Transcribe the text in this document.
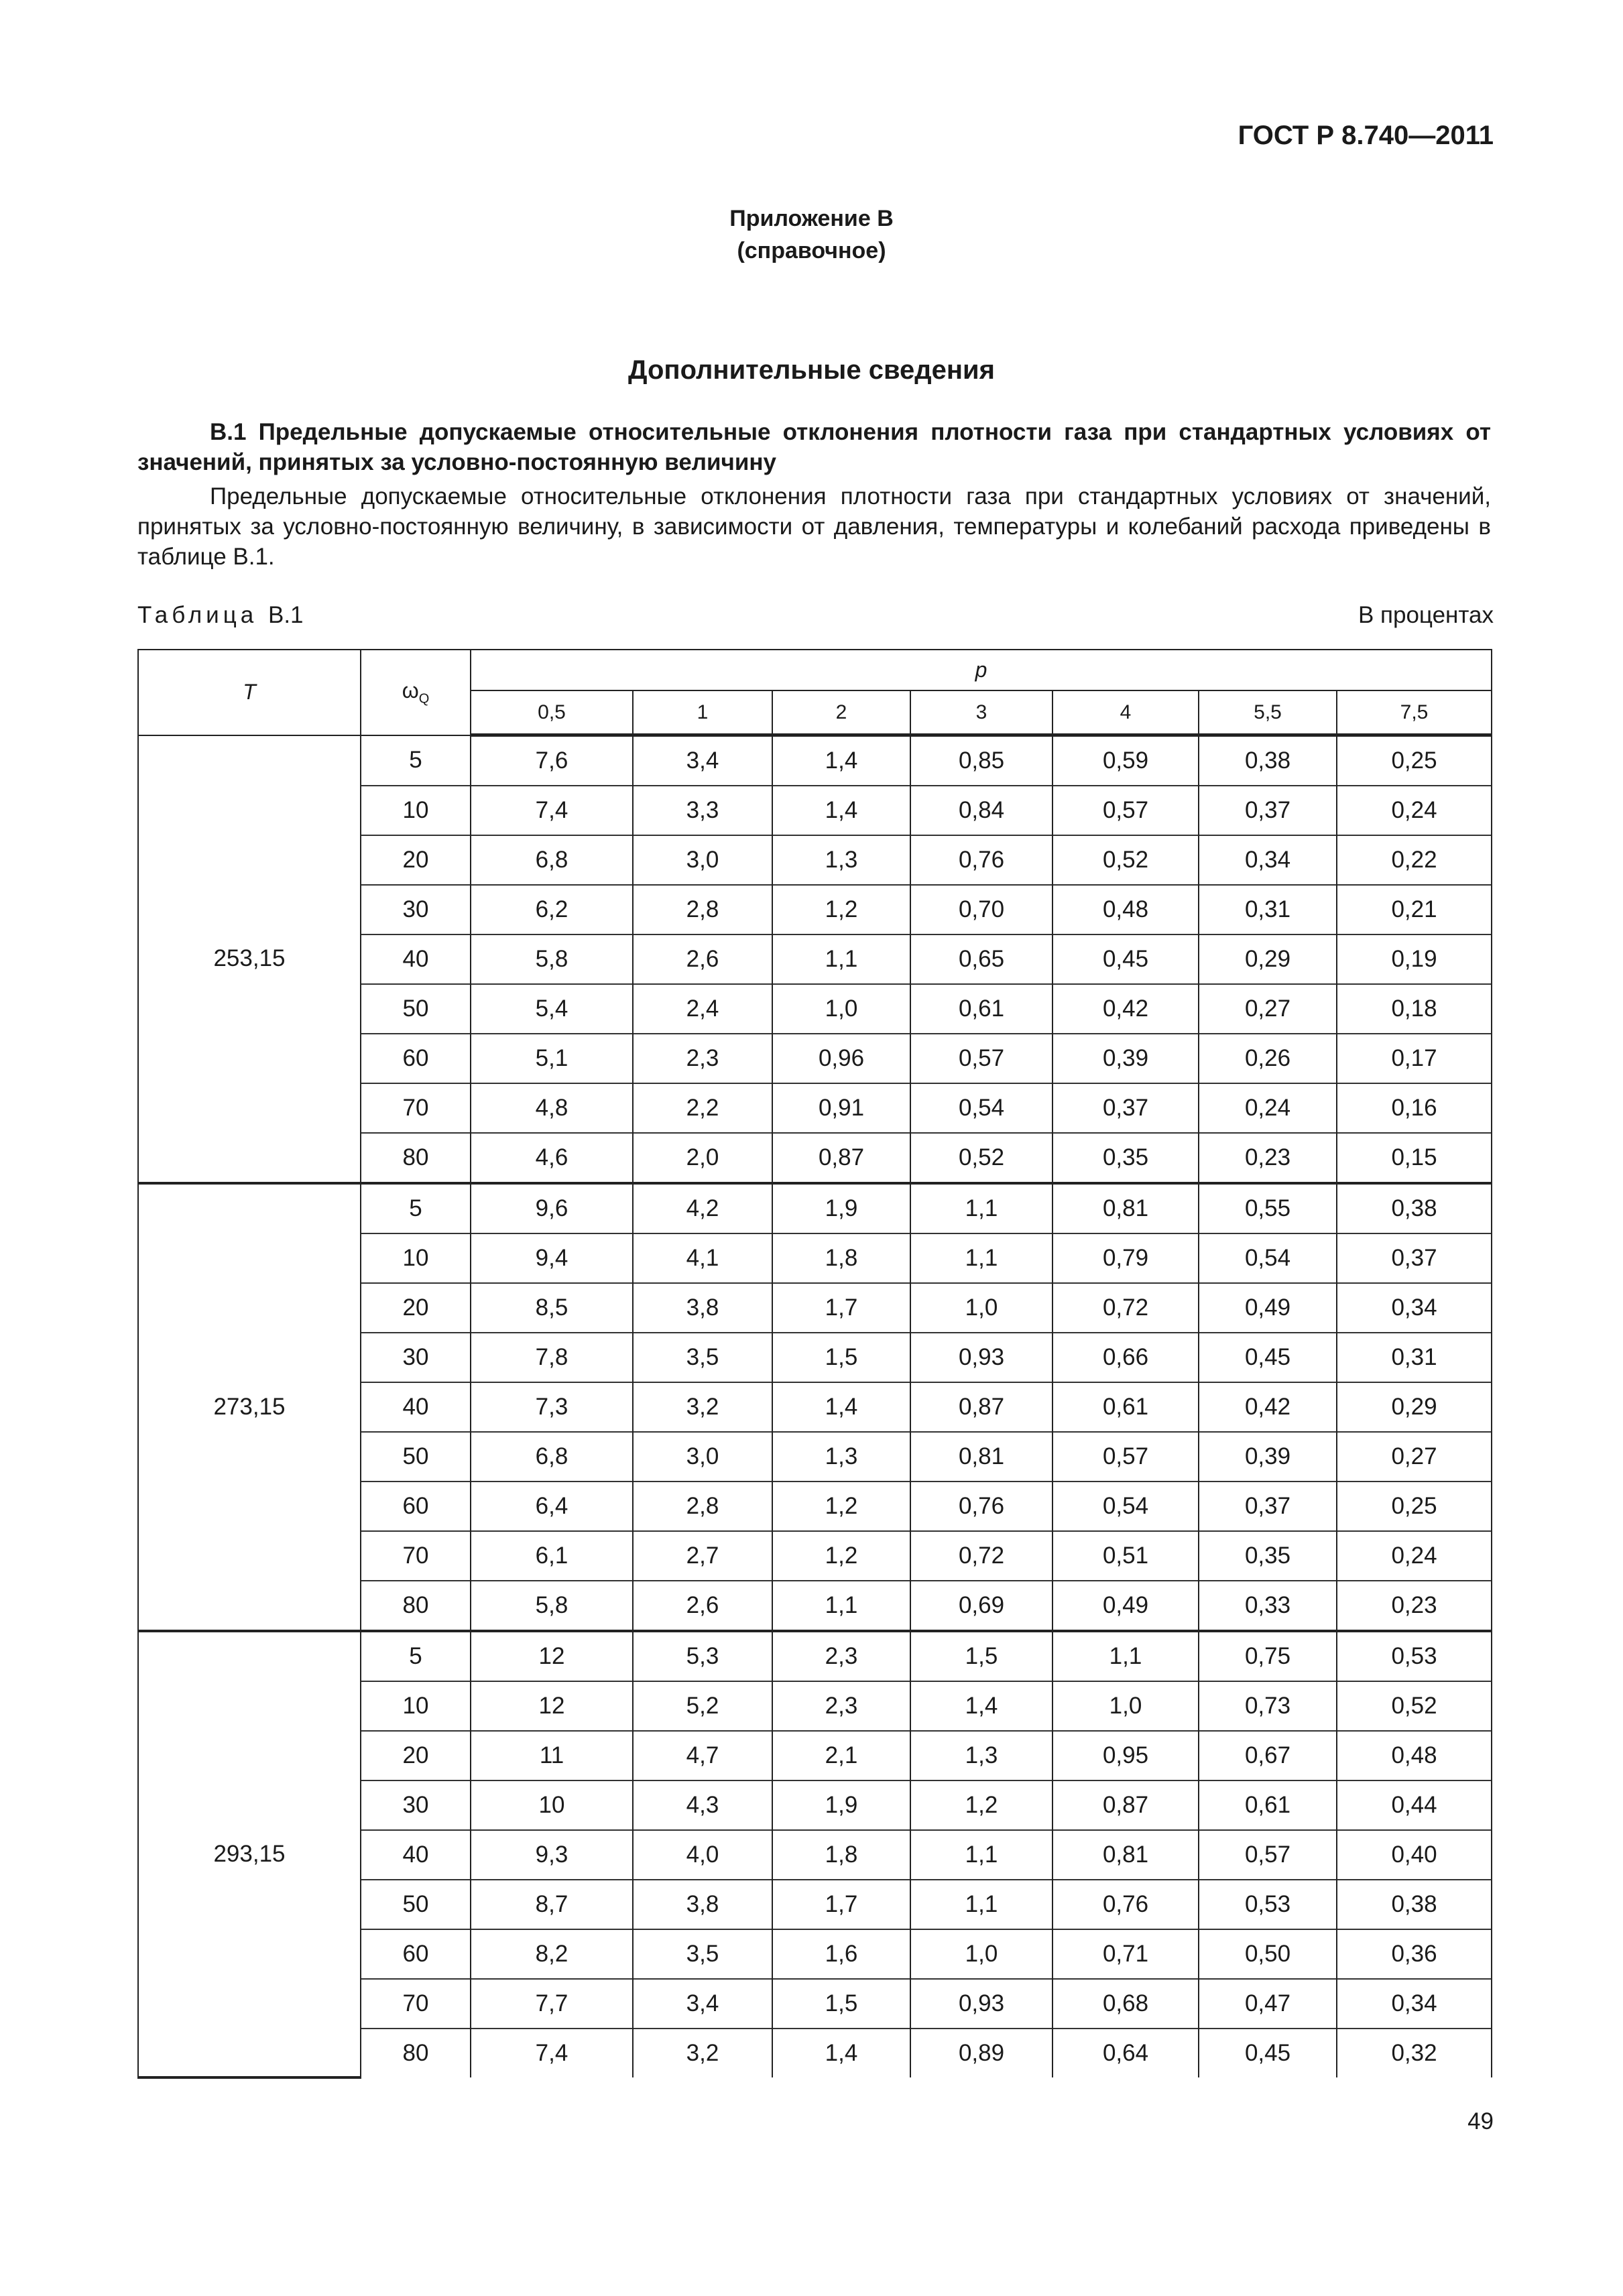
ГОСТ Р 8.740—2011
Приложение В
(справочное)
Дополнительные сведения
В.1 Предельные допускаемые относительные отклонения плотности газа при стандартных условиях от значений, принятых за условно-постоянную величину
Предельные допускаемые относительные отклонения плотности газа при стандартных условиях от значений, принятых за условно-постоянную величину, в зависимости от давления, температуры и колебаний расхода приведены в таблице В.1.
Таблица В.1	В процентах
T	$\omega_Q$	p						
		0,5	1	2	3	4	5,5	7,5
253,15	5	7,6	3,4	1,4	0,85	0,59	0,38	0,25
	10	7,4	3,3	1,4	0,84	0,57	0,37	0,24
	20	6,8	3,0	1,3	0,76	0,52	0,34	0,22
	30	6,2	2,8	1,2	0,70	0,48	0,31	0,21
	40	5,8	2,6	1,1	0,65	0,45	0,29	0,19
	50	5,4	2,4	1,0	0,61	0,42	0,27	0,18
	60	5,1	2,3	0,96	0,57	0,39	0,26	0,17
	70	4,8	2,2	0,91	0,54	0,37	0,24	0,16
	80	4,6	2,0	0,87	0,52	0,35	0,23	0,15
273,15	5	9,6	4,2	1,9	1,1	0,81	0,55	0,38
	10	9,4	4,1	1,8	1,1	0,79	0,54	0,37
	20	8,5	3,8	1,7	1,0	0,72	0,49	0,34
	30	7,8	3,5	1,5	0,93	0,66	0,45	0,31
	40	7,3	3,2	1,4	0,87	0,61	0,42	0,29
	50	6,8	3,0	1,3	0,81	0,57	0,39	0,27
	60	6,4	2,8	1,2	0,76	0,54	0,37	0,25
	70	6,1	2,7	1,2	0,72	0,51	0,35	0,24
	80	5,8	2,6	1,1	0,69	0,49	0,33	0,23
293,15	5	12	5,3	2,3	1,5	1,1	0,75	0,53
	10	12	5,2	2,3	1,4	1,0	0,73	0,52
	20	11	4,7	2,1	1,3	0,95	0,67	0,48
	30	10	4,3	1,9	1,2	0,87	0,61	0,44
	40	9,3	4,0	1,8	1,1	0,81	0,57	0,40
	50	8,7	3,8	1,7	1,1	0,76	0,53	0,38
	60	8,2	3,5	1,6	1,0	0,71	0,50	0,36
	70	7,7	3,4	1,5	0,93	0,68	0,47	0,34
	80	7,4	3,2	1,4	0,89	0,64	0,45	0,32
49
